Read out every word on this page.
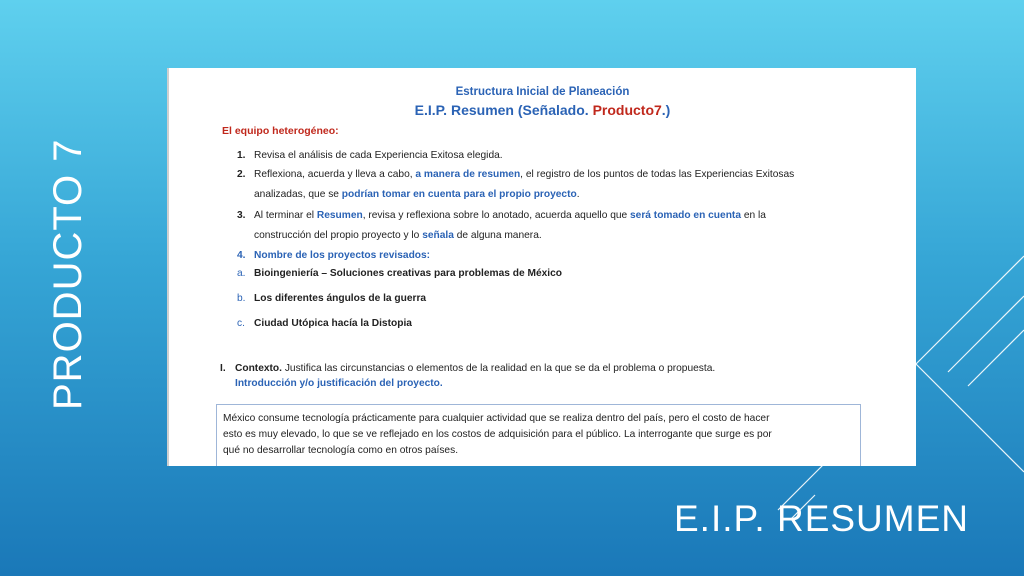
PRODUCTO 7
E.I.P. RESUMEN
Estructura Inicial de Planeación
E.I.P. Resumen (Señalado. Producto7.)
El equipo heterogéneo:
1. Revisa el análisis de cada Experiencia Exitosa elegida.
2. Reflexiona, acuerda y lleva a cabo, a manera de resumen, el registro de los puntos de todas las Experiencias Exitosas
analizadas, que se podrían tomar en cuenta para el propio proyecto.
3. Al terminar el Resumen, revisa y reflexiona sobre lo anotado, acuerda aquello que será tomado en cuenta en la
construcción del propio proyecto y lo señala de alguna manera.
4. Nombre de los proyectos revisados:
a. Bioingeniería – Soluciones creativas para problemas de México
b. Los diferentes ángulos de la guerra
c. Ciudad Utópica hacía la Distopia
I. Contexto. Justifica las circunstancias o elementos de la realidad en la que se da el problema o propuesta.
Introducción y/o justificación del proyecto.
México consume tecnología prácticamente para cualquier actividad que se realiza dentro del país, pero el costo de hacer
esto es muy elevado, lo que se ve reflejado en los costos de adquisición para el público. La interrogante que surge es por
qué no desarrollar tecnología como en otros países.
